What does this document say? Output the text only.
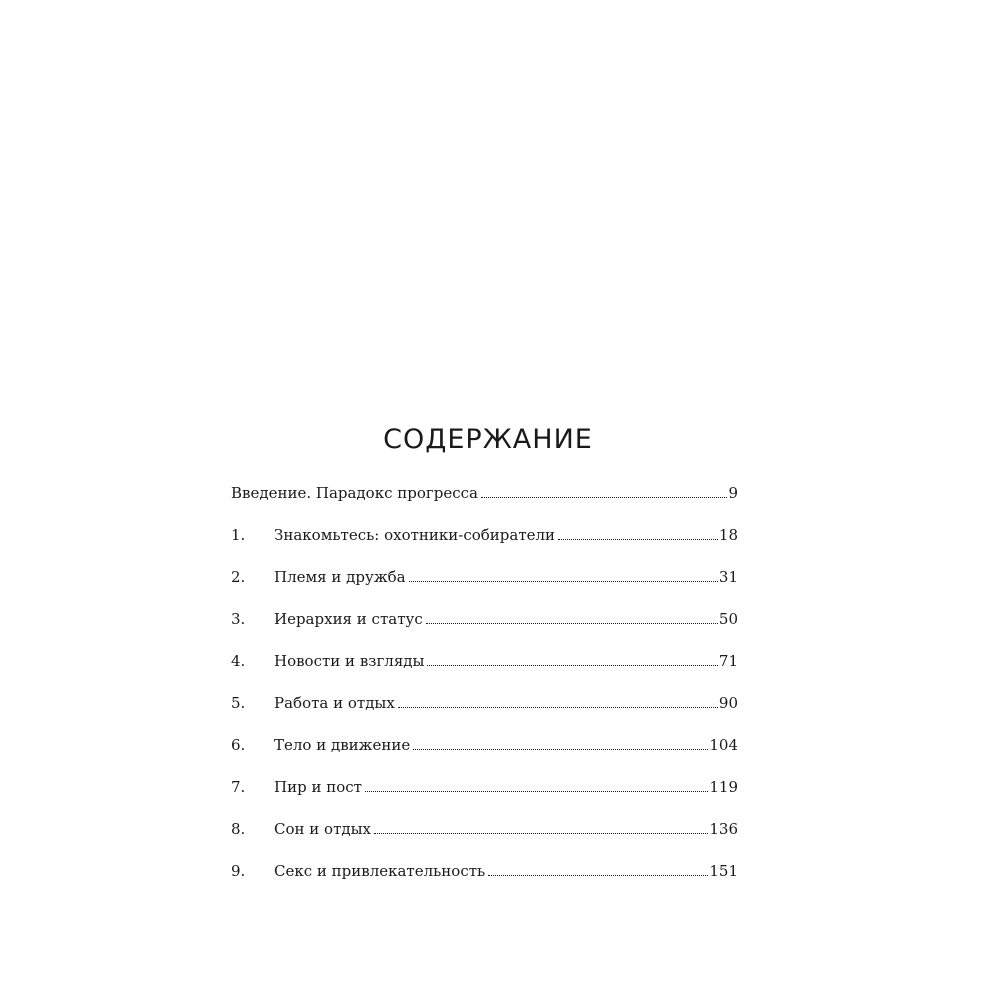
СОДЕРЖАНИЕ
Введение. Парадокс прогресса	9
1.	Знакомьтесь: охотники-собиратели	18
2.	Племя и дружба	31
3.	Иерархия и статус	50
4.	Новости и взгляды	71
5.	Работа и отдых	90
6.	Тело и движение	104
7.	Пир и пост	119
8.	Сон и отдых	136
9.	Секс и привлекательность	151
